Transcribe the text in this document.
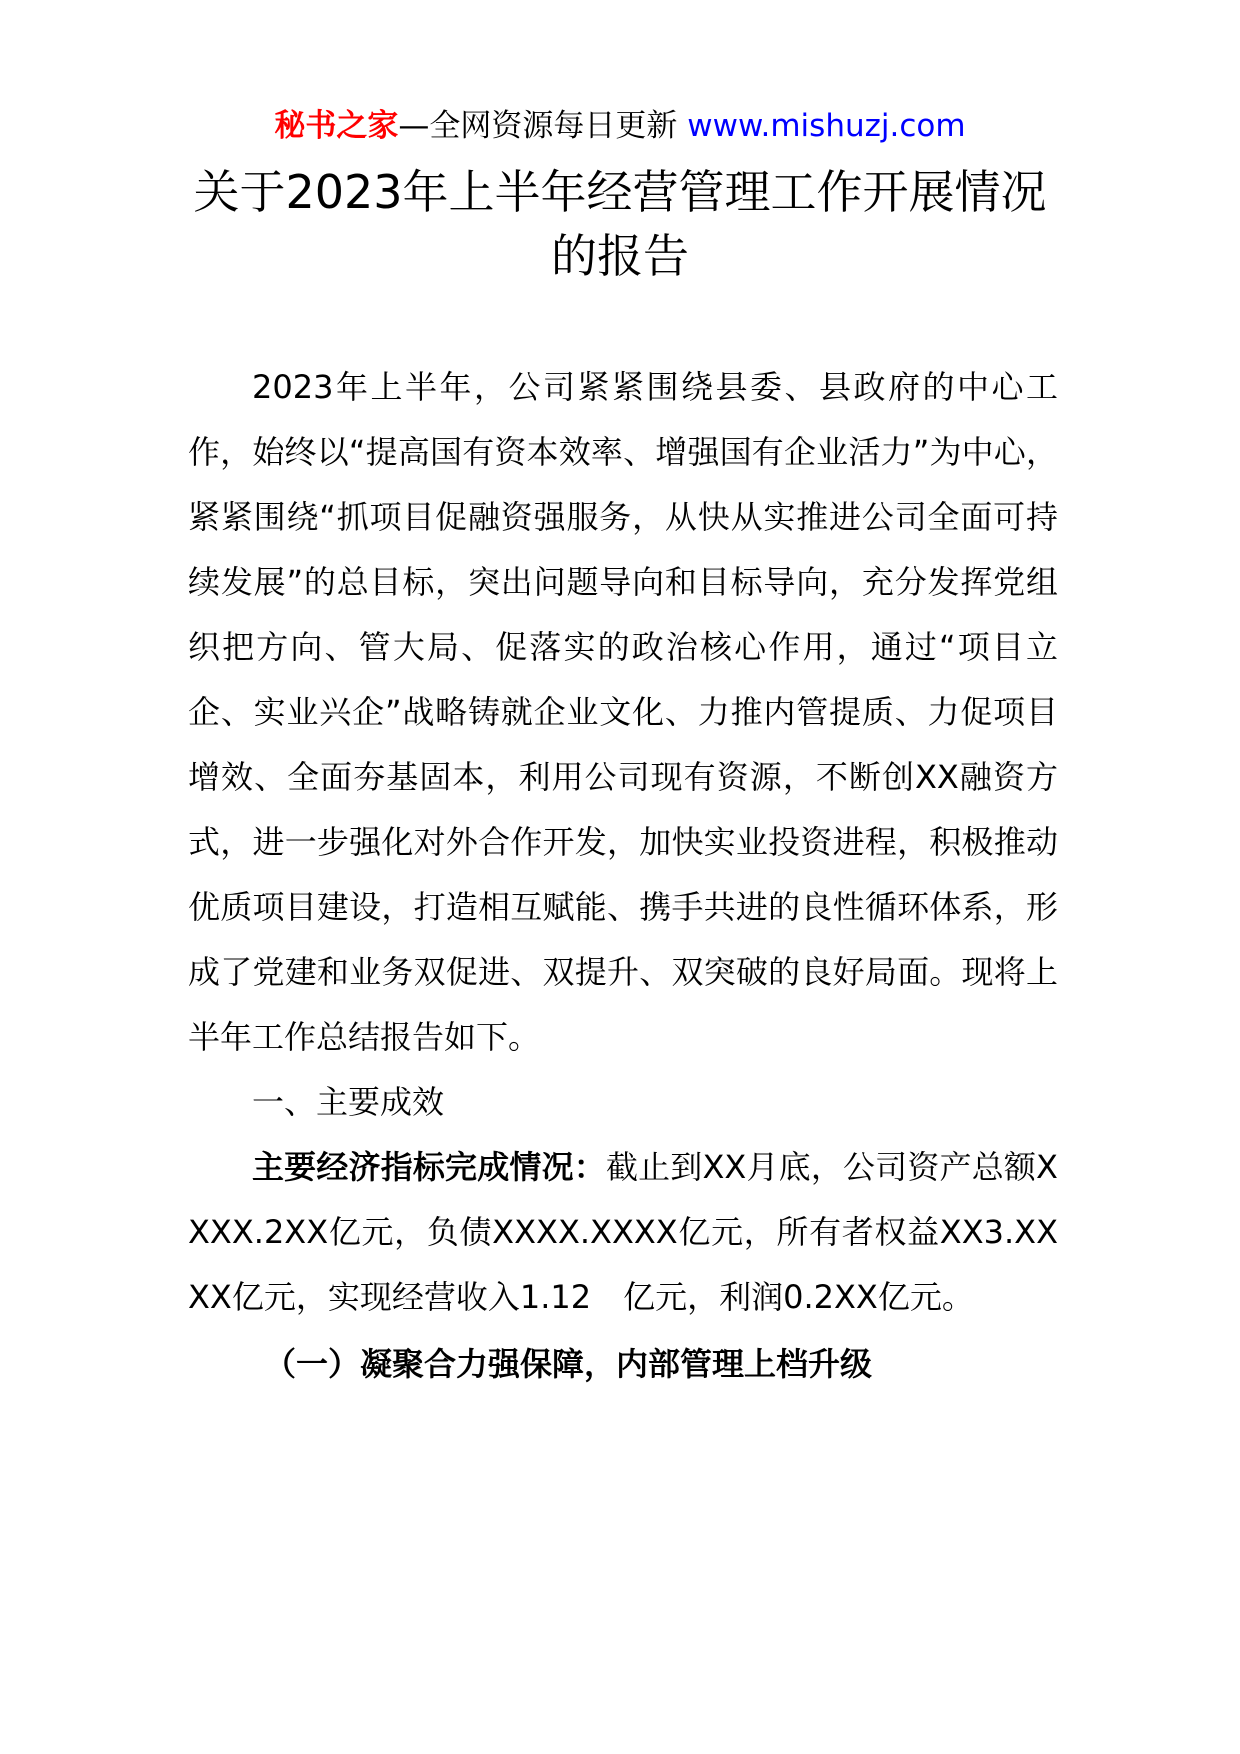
秘书之家—全网资源每日更新 www.mishuzj.com
关于2023年上半年经营管理工作开展情况的报告

2023年上半年，公司紧紧围绕县委、县政府的中心工作，始终以“提高国有资本效率、增强国有企业活力”为中心，紧紧围绕“抓项目促融资强服务，从快从实推进公司全面可持续发展”的总目标，突出问题导向和目标导向，充分发挥党组织把方向、管大局、促落实的政治核心作用，通过“项目立企、实业兴企”战略铸就企业文化、力推内管提质、力促项目增效、全面夯基固本，利用公司现有资源，不断创XX融资方式，进一步强化对外合作开发，加快实业投资进程，积极推动优质项目建设，打造相互赋能、携手共进的良性循环体系，形成了党建和业务双促进、双提升、双突破的良好局面。现将上半年工作总结报告如下。

一、主要成效

主要经济指标完成情况：截止到XX月底，公司资产总额XXXX.2XX亿元，负债XXXX.XXXX亿元，所有者权益XX3.XXXX亿元，实现经营收入1.12　亿元，利润0.2XX亿元。

（一）凝聚合力强保障，内部管理上档升级
